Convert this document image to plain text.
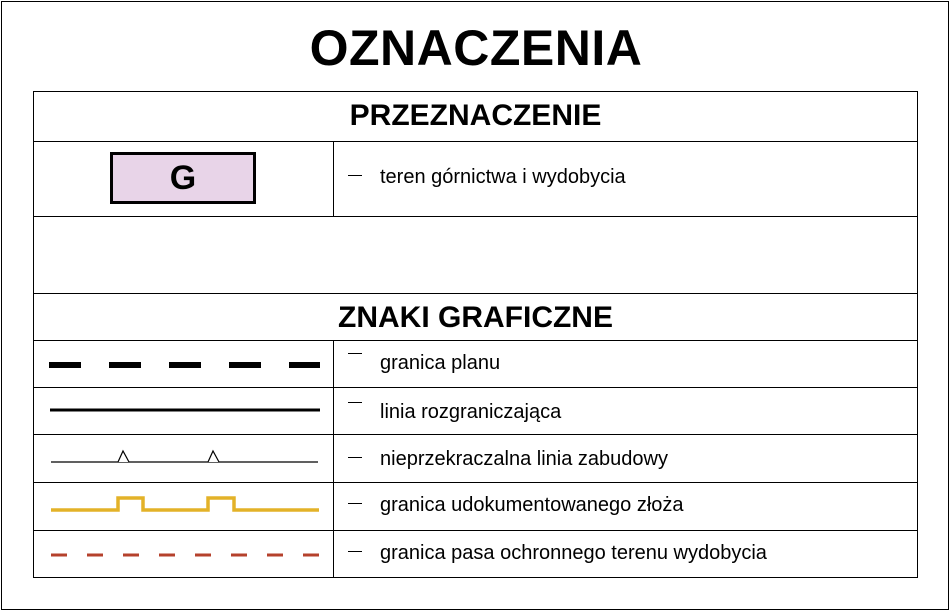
OZNACZENIA
PRZEZNACZENIE
G	teren górnictwa i wydobycia
ZNAKI GRAFICZNE
granica planu
linia rozgraniczająca
nieprzekraczalna linia zabudowy
granica udokumentowanego złoża
granica pasa ochronnego terenu wydobycia
